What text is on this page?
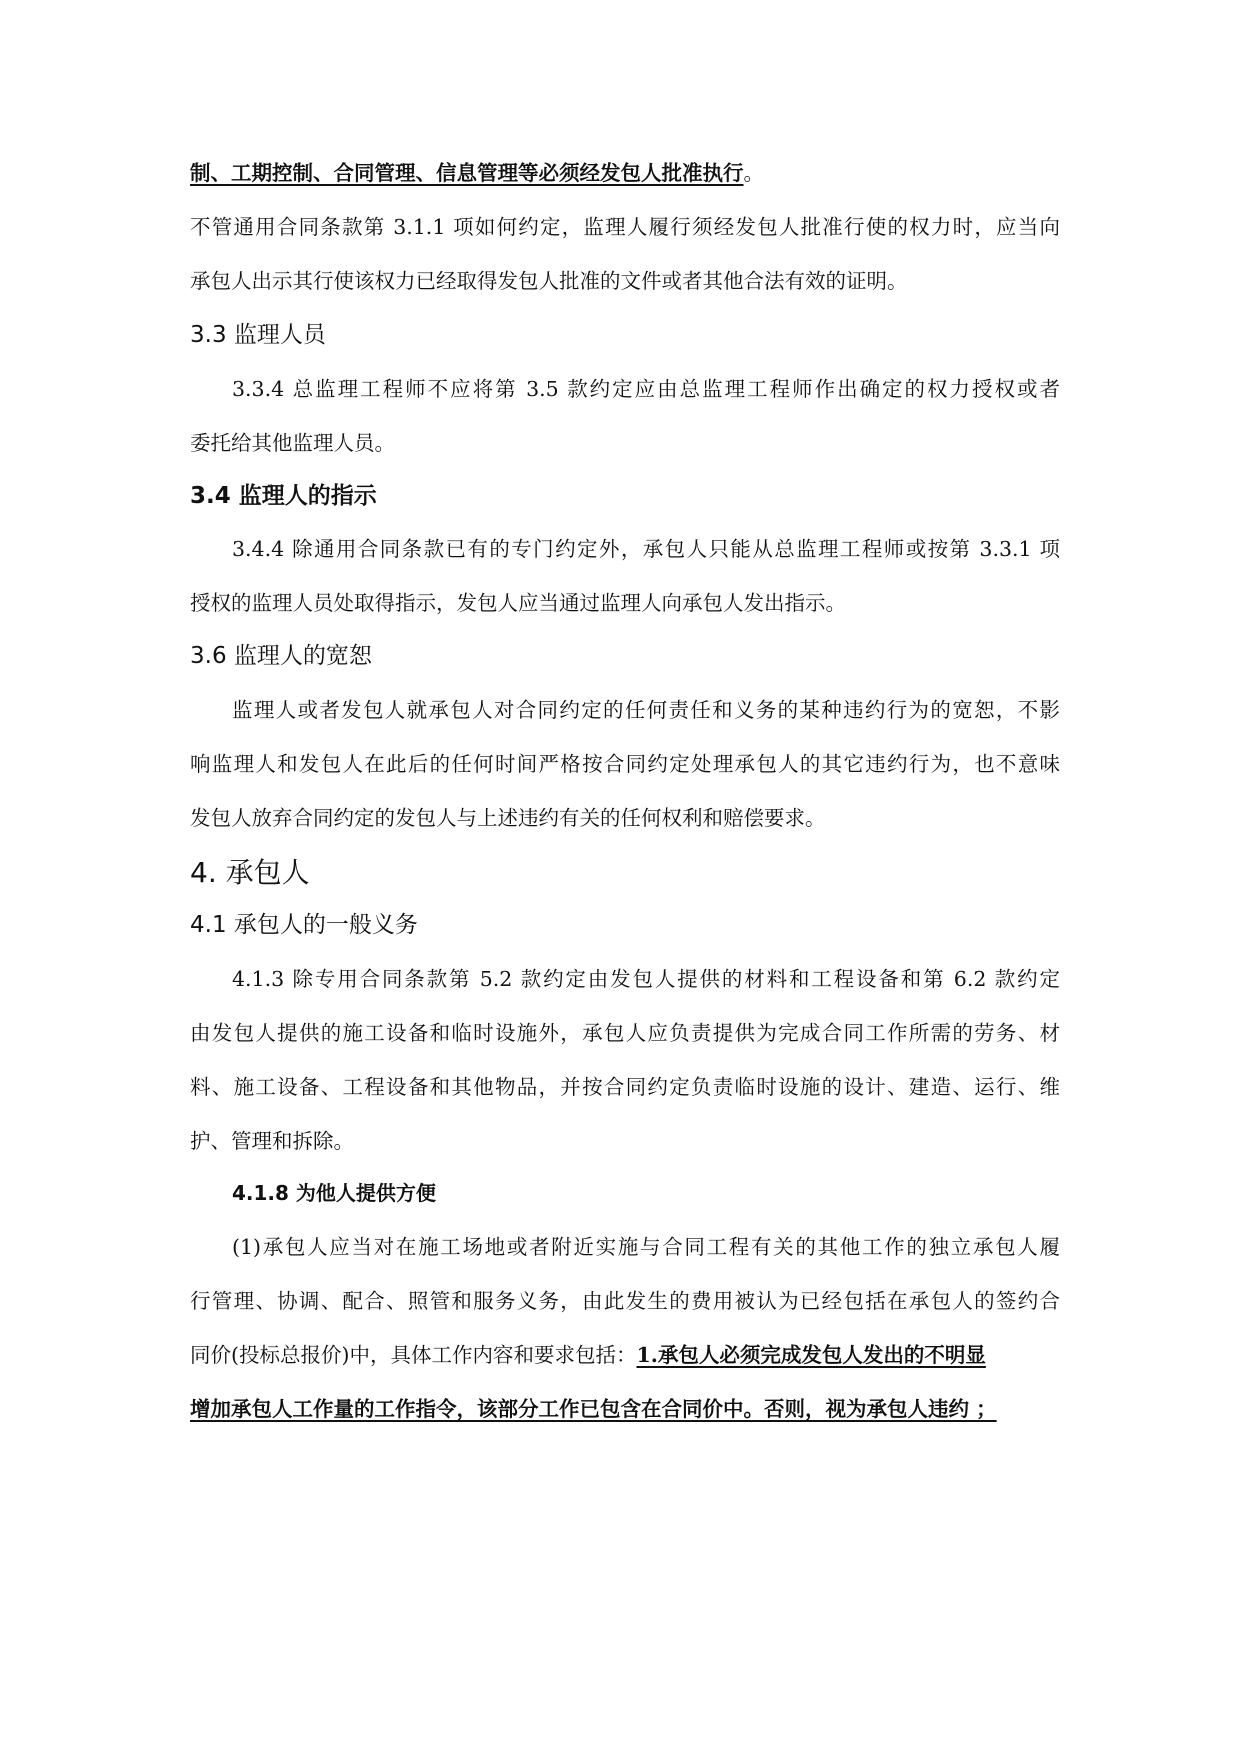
制、工期控制、合同管理、信息管理等必须经发包人批准执行。
不管通用合同条款第 3.1.1 项如何约定，监理人履行须经发包人批准行使的权力时，应当向
承包人出示其行使该权力已经取得发包人批准的文件或者其他合法有效的证明。
3.3 监理人员
3.3.4 总监理工程师不应将第 3.5 款约定应由总监理工程师作出确定的权力授权或者
委托给其他监理人员。
3.4 监理人的指示
3.4.4 除通用合同条款已有的专门约定外，承包人只能从总监理工程师或按第 3.3.1 项
授权的监理人员处取得指示，发包人应当通过监理人向承包人发出指示。
3.6 监理人的宽恕
监理人或者发包人就承包人对合同约定的任何责任和义务的某种违约行为的宽恕，不影
响监理人和发包人在此后的任何时间严格按合同约定处理承包人的其它违约行为，也不意味
发包人放弃合同约定的发包人与上述违约有关的任何权利和赔偿要求。
4. 承包人
4.1 承包人的一般义务
4.1.3 除专用合同条款第 5.2 款约定由发包人提供的材料和工程设备和第 6.2 款约定
由发包人提供的施工设备和临时设施外，承包人应负责提供为完成合同工作所需的劳务、材
料、施工设备、工程设备和其他物品，并按合同约定负责临时设施的设计、建造、运行、维
护、管理和拆除。
4.1.8 为他人提供方便
(1)承包人应当对在施工场地或者附近实施与合同工程有关的其他工作的独立承包人履
行管理、协调、配合、照管和服务义务，由此发生的费用被认为已经包括在承包人的签约合
同价(投标总报价)中，具体工作内容和要求包括：1.承包人必须完成发包人发出的不明显
增加承包人工作量的工作指令，该部分工作已包含在合同价中。否则，视为承包人违约 ；
